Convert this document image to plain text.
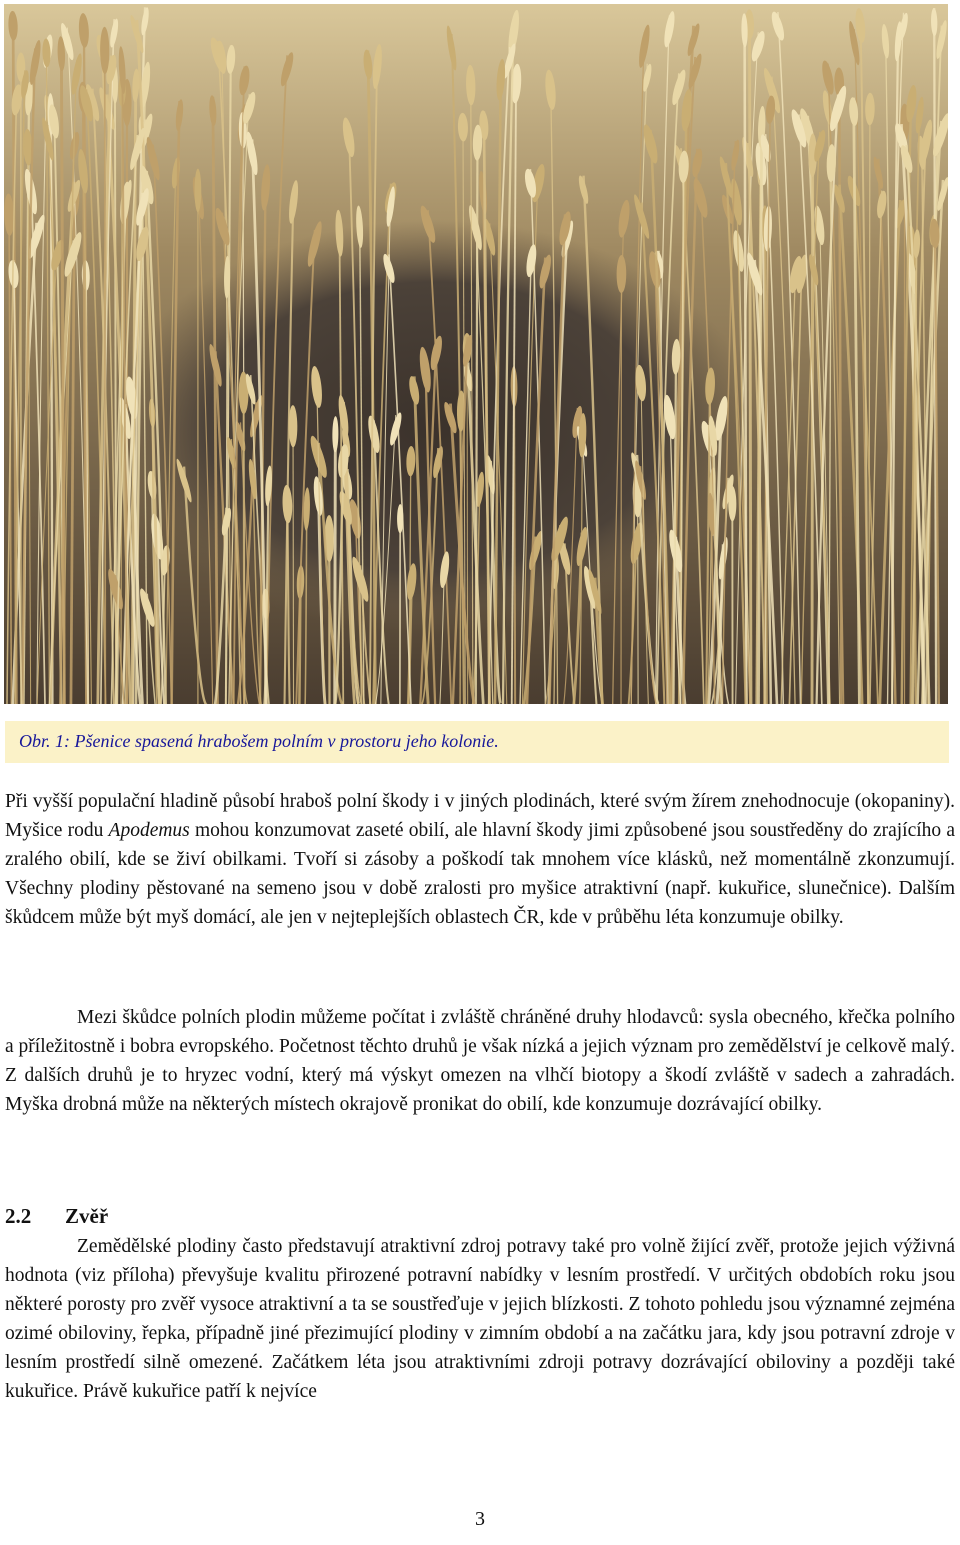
Obr. 1: Pšenice spasená hrabošem polním v prostoru jeho kolonie.

Při vyšší populační hladině působí hraboš polní škody i v jiných plodinách, které svým žírem znehodnocuje (okopaniny). Myšice rodu Apodemus mohou konzumovat zaseté obilí, ale hlavní škody jimi způsobené jsou soustředěny do zrajícího a zralého obilí, kde se živí obilkami. Tvoří si zásoby a poškodí tak mnohem více klásků, než momentálně zkonzumují. Všechny plodiny pěstované na semeno jsou v době zralosti pro myšice atraktivní (např. kukuřice, slunečnice). Dalším škůdcem může být myš domácí, ale jen v nejteplejších oblastech ČR, kde v průběhu léta konzumuje obilky.

Mezi škůdce polních plodin můžeme počítat i zvláště chráněné druhy hlodavců: sysla obecného, křečka polního a příležitostně i bobra evropského. Početnost těchto druhů je však nízká a jejich význam pro zemědělství je celkově malý. Z dalších druhů je to hryzec vodní, který má výskyt omezen na vlhčí biotopy a škodí zvláště v sadech a zahradách. Myška drobná může na některých místech okrajově pronikat do obilí, kde konzumuje dozrávající obilky.

2.2 Zvěř

Zemědělské plodiny často představují atraktivní zdroj potravy také pro volně žijící zvěř, protože jejich výživná hodnota (viz příloha) převyšuje kvalitu přirozené potravní nabídky v lesním prostředí. V určitých obdobích roku jsou některé porosty pro zvěř vysoce atraktivní a ta se soustřeďuje v jejich blízkosti. Z tohoto pohledu jsou významné zejména ozimé obiloviny, řepka, případně jiné přezimující plodiny v zimním období a na začátku jara, kdy jsou potravní zdroje v lesním prostředí silně omezené. Začátkem léta jsou atraktivními zdroji potravy dozrávající obiloviny a později také kukuřice. Právě kukuřice patří k nejvíce

3
